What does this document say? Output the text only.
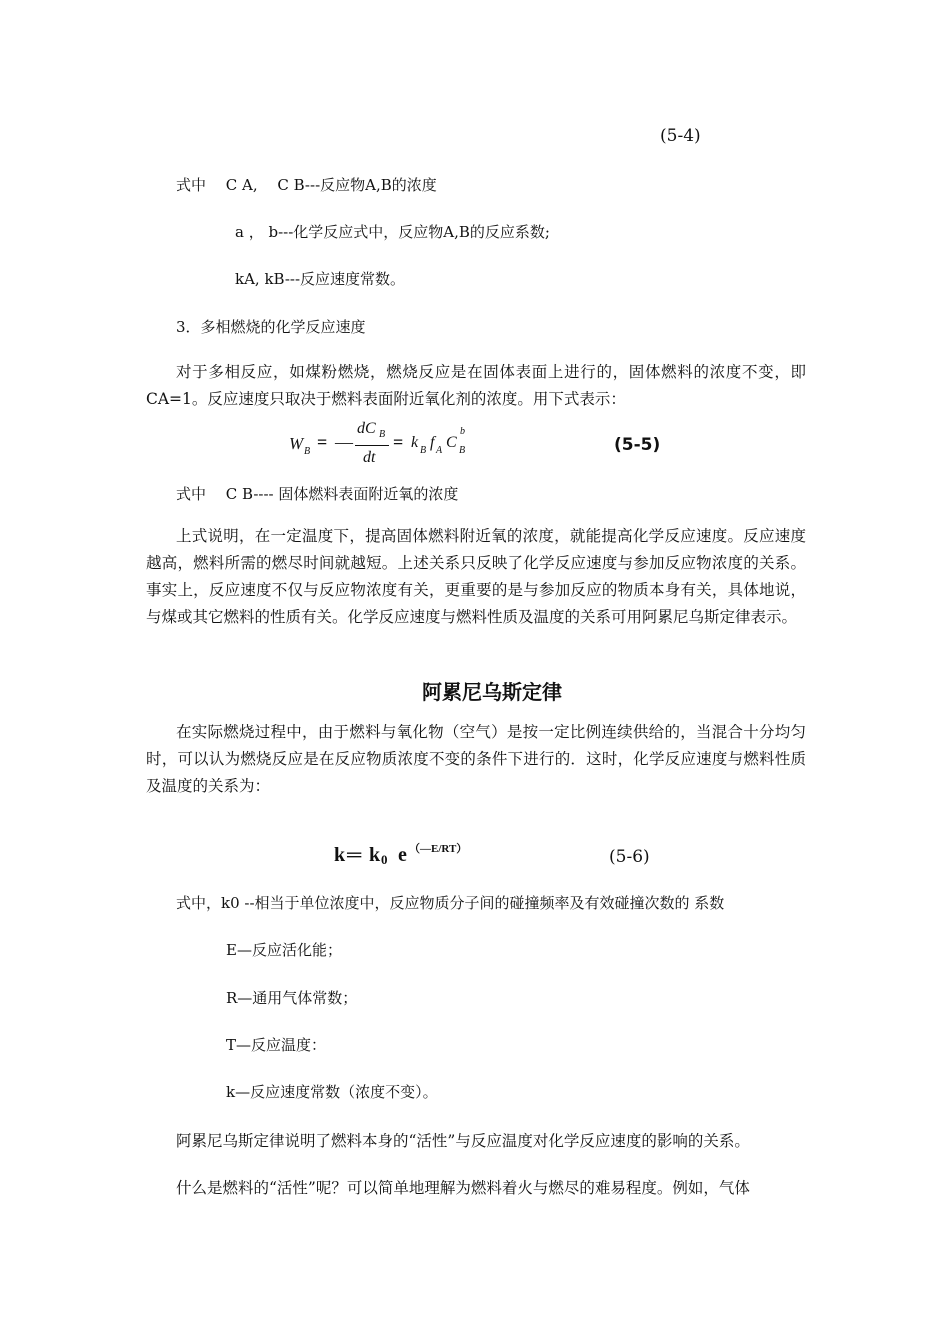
(5-4)
式中　 C A,　 C B---反应物A,B的浓度
a ， b---化学反应式中，反应物A,B的反应系数;
kA, kB---反应速度常数。
3．多相燃烧的化学反应速度
对于多相反应，如煤粉燃烧，燃烧反应是在固体表面上进行的，固体燃料的浓度不变，即CA=1。反应速度只取决于燃料表面附近氧化剂的浓度。用下式表示：
W B = —
dC B
dt
= k B f A C B
b
(5-5)
式中　 C B---- 固体燃料表面附近氧的浓度
上式说明，在一定温度下，提高固体燃料附近氧的浓度，就能提高化学反应速度。反应速度越高，燃料所需的燃尽时间就越短。上述关系只反映了化学反应速度与参加反应物浓度的关系。事实上，反应速度不仅与反应物浓度有关，更重要的是与参加反应的物质本身有关，具体地说，与煤或其它燃料的性质有关。化学反应速度与燃料性质及温度的关系可用阿累尼乌斯定律表示。
阿累尼乌斯定律
在实际燃烧过程中，由于燃料与氧化物（空气）是按一定比例连续供给的，当混合十分均匀时，可以认为燃烧反应是在反应物质浓度不变的条件下进行的．这时，化学反应速度与燃料性质及温度的关系为：
k ═ k 0 e （—E/RT）	(5-6)
式中，k0 --相当于单位浓度中，反应物质分子间的碰撞频率及有效碰撞次数的 系数
E—反应活化能；
R—通用气体常数；
T—反应温度：
k—反应速度常数（浓度不变）。
阿累尼乌斯定律说明了燃料本身的“活性”与反应温度对化学反应速度的影响的关系。
什么是燃料的“活性”呢？可以简单地理解为燃料着火与燃尽的难易程度。例如，气体
